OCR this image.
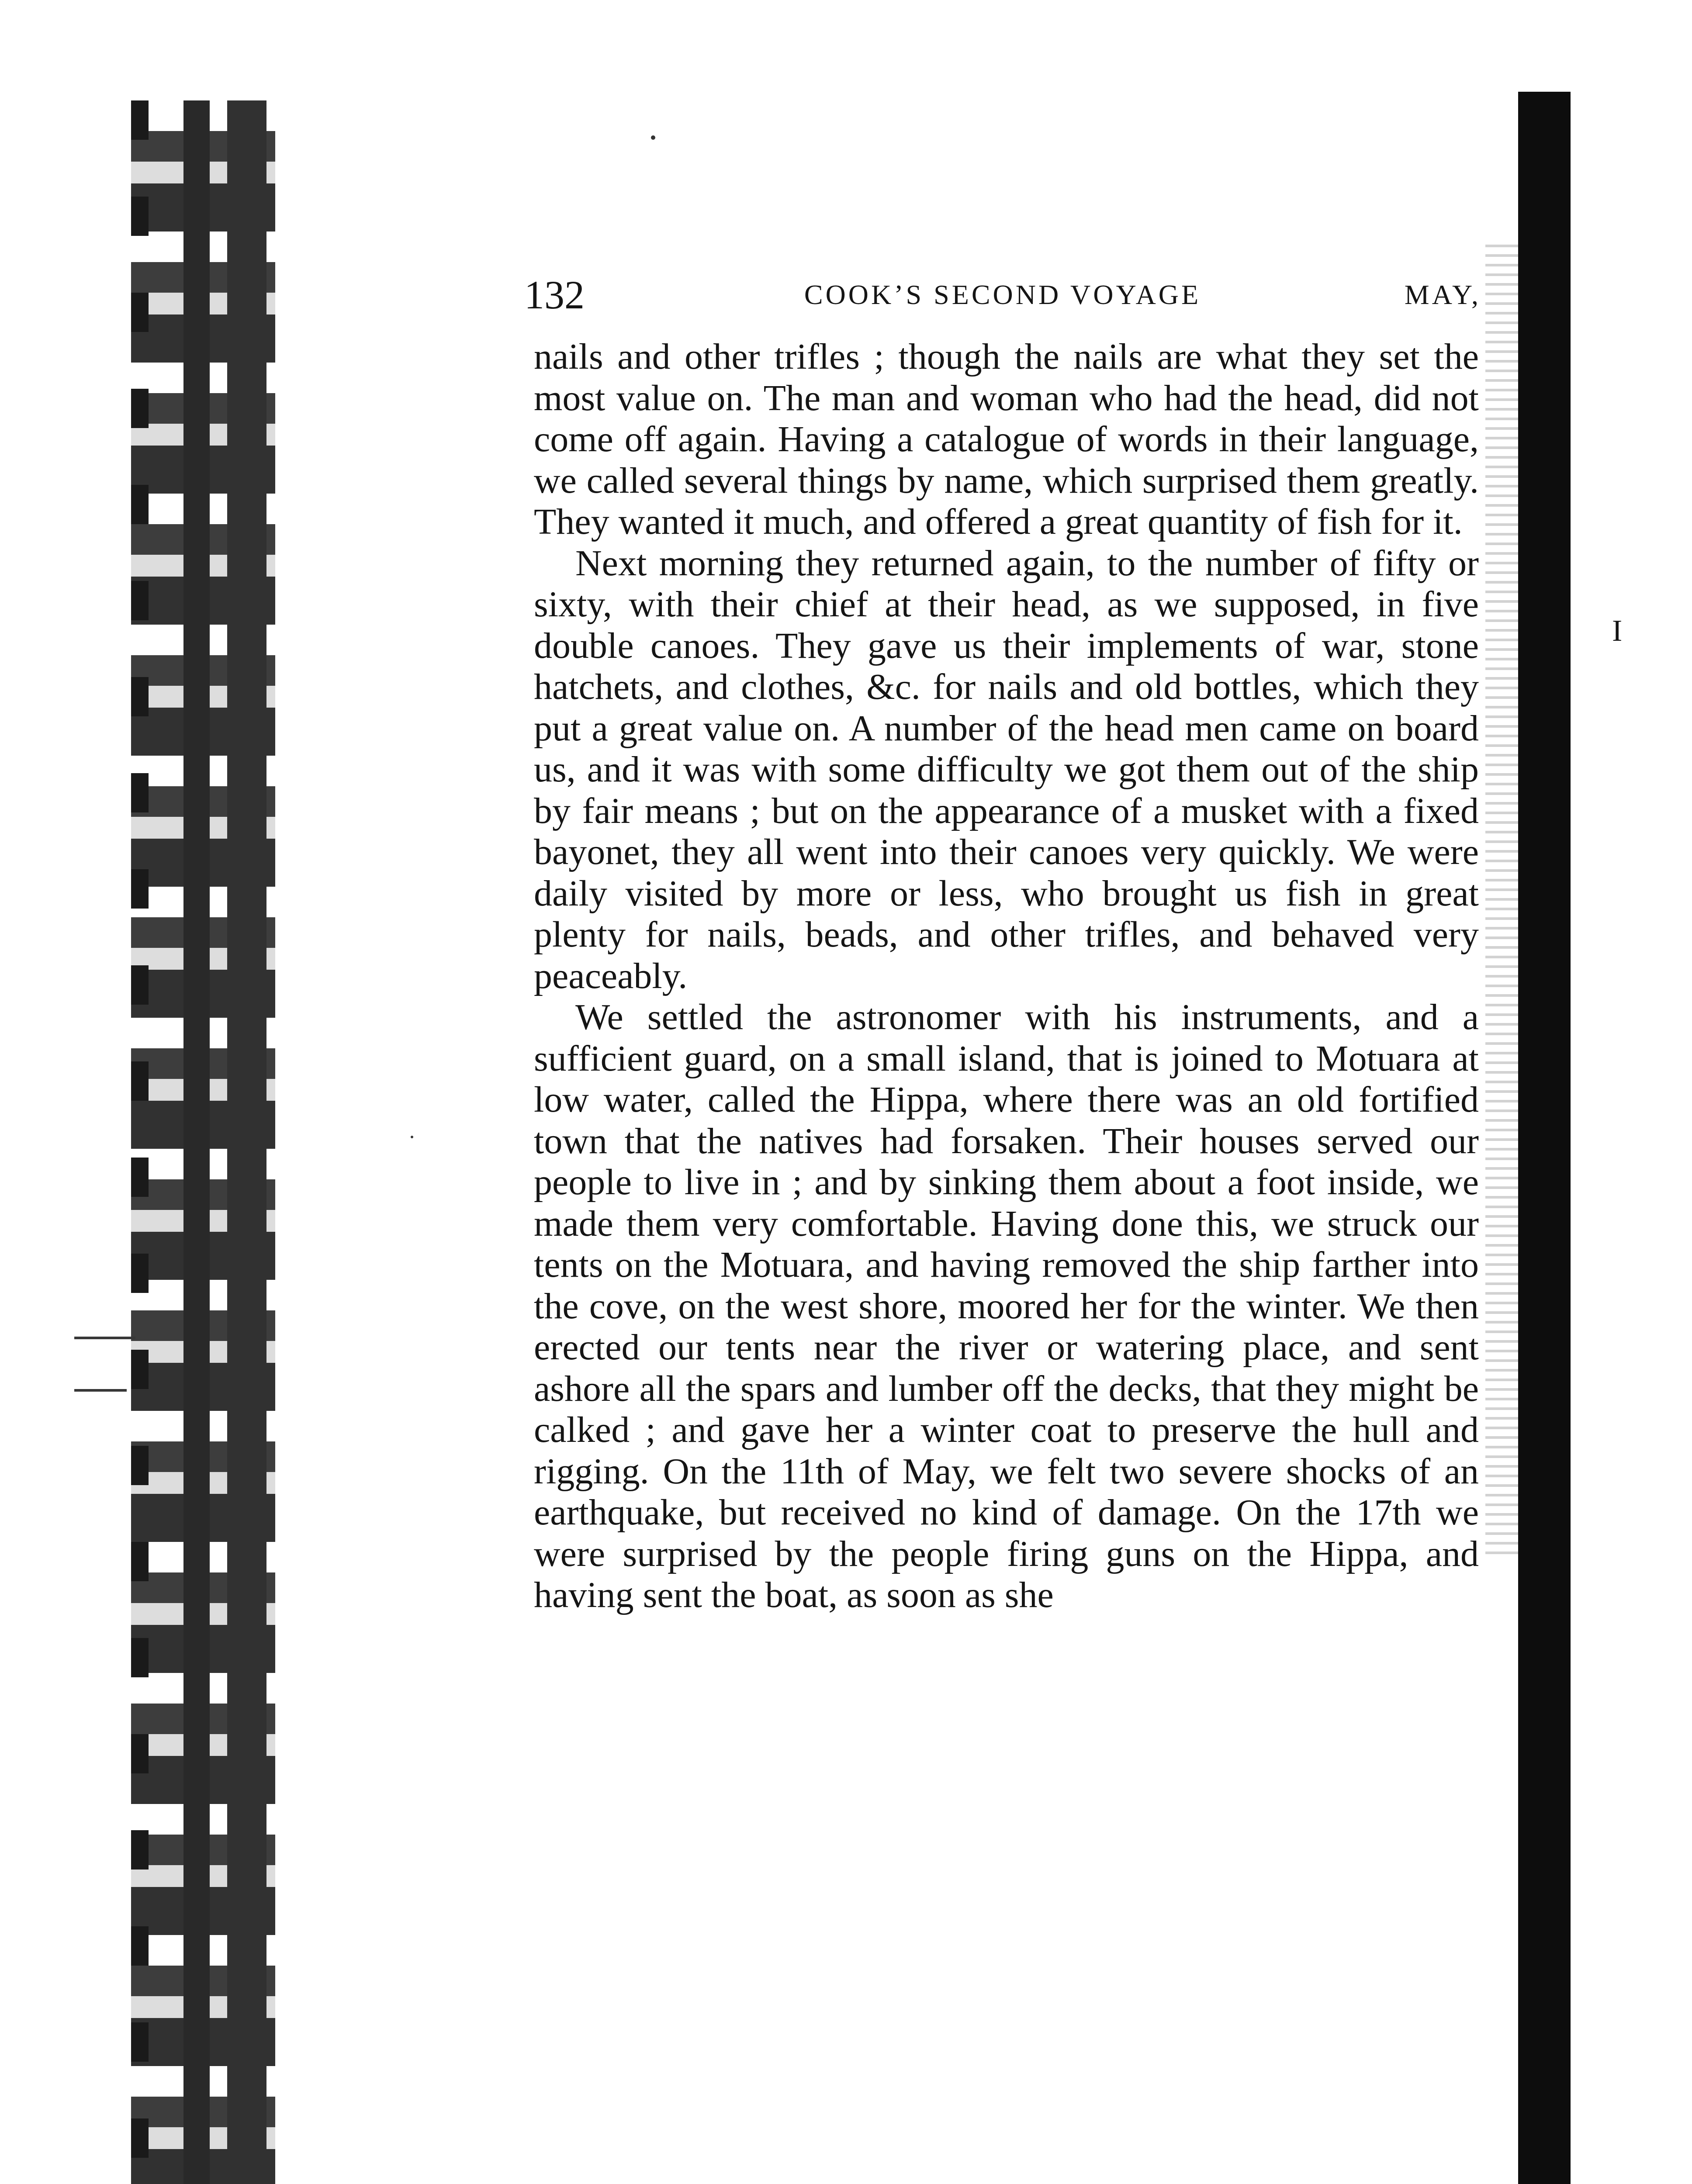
I
132	COOK’S SECOND VOYAGE	MAY,

nails and other trifles ; though the nails are what they set the most value on. The man and woman who had the head, did not come off again. Having a catalogue of words in their language, we called several things by name, which surprised them greatly. They wanted it much, and offered a great quantity of fish for it.

Next morning they returned again, to the number of fifty or sixty, with their chief at their head, as we supposed, in five double canoes. They gave us their implements of war, stone hatchets, and clothes, &c. for nails and old bottles, which they put a great value on. A number of the head men came on board us, and it was with some difficulty we got them out of the ship by fair means ; but on the appearance of a musket with a fixed bayonet, they all went into their canoes very quickly. We were daily visited by more or less, who brought us fish in great plenty for nails, beads, and other trifles, and behaved very peaceably.

We settled the astronomer with his instruments, and a sufficient guard, on a small island, that is joined to Motuara at low water, called the Hippa, where there was an old fortified town that the natives had forsaken. Their houses served our people to live in ; and by sinking them about a foot inside, we made them very comfortable. Having done this, we struck our tents on the Motuara, and having removed the ship farther into the cove, on the west shore, moored her for the winter. We then erected our tents near the river or watering place, and sent ashore all the spars and lumber off the decks, that they might be calked ; and gave her a winter coat to preserve the hull and rigging. On the 11th of May, we felt two severe shocks of an earthquake, but received no kind of damage. On the 17th we were surprised by the people firing guns on the Hippa, and having sent the boat, as soon as she
